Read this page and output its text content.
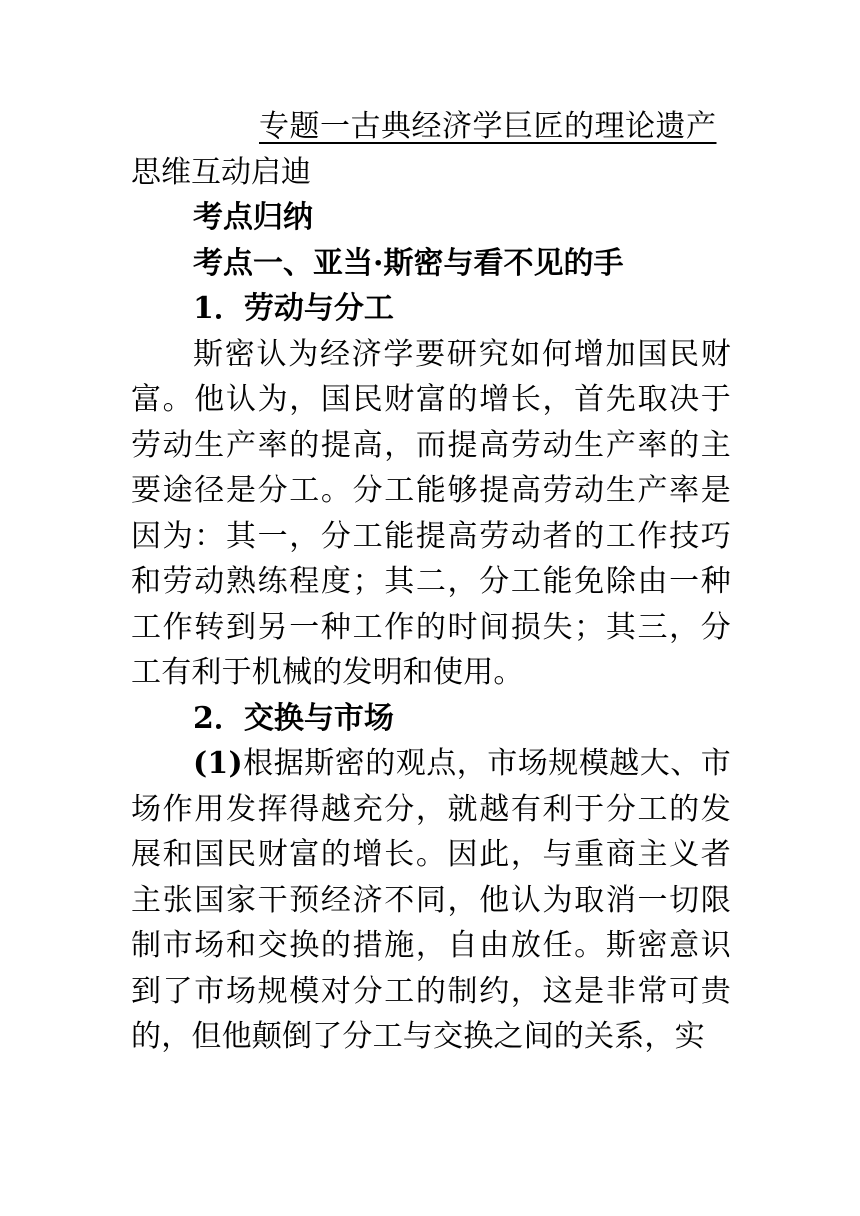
专题一古典经济学巨匠的理论遗产

思维互动启迪

考点归纳

考点一、亚当·斯密与看不见的手

1．劳动与分工

斯密认为经济学要研究如何增加国民财富。他认为，国民财富的增长，首先取决于劳动生产率的提高，而提高劳动生产率的主要途径是分工。分工能够提高劳动生产率是因为：其一，分工能提高劳动者的工作技巧和劳动熟练程度；其二，分工能免除由一种工作转到另一种工作的时间损失；其三，分工有利于机械的发明和使用。

2．交换与市场

(1)根据斯密的观点，市场规模越大、市场作用发挥得越充分，就越有利于分工的发展和国民财富的增长。因此，与重商主义者主张国家干预经济不同，他认为取消一切限制市场和交换的措施，自由放任。斯密意识到了市场规模对分工的制约，这是非常可贵的，但他颠倒了分工与交换之间的关系，实
